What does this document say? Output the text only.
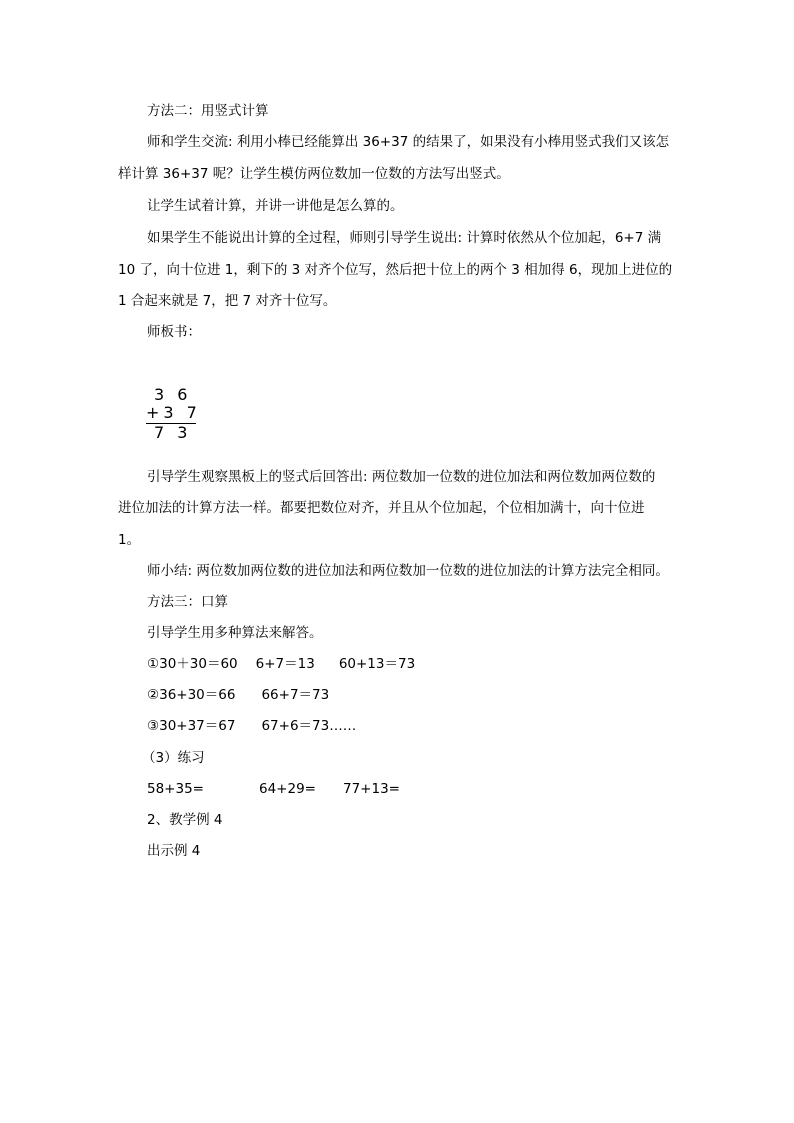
方法二：用竖式计算
师和学生交流: 利用小棒已经能算出 36+37 的结果了，如果没有小棒用竖式我们又该怎
样计算 36+37 呢？让学生模仿两位数加一位数的方法写出竖式。
让学生试着计算，并讲一讲他是怎么算的。
如果学生不能说出计算的全过程，师则引导学生说出: 计算时依然从个位加起，6+7 满
10 了，向十位进 1，剩下的 3 对齐个位写，然后把十位上的两个 3 相加得 6，现加上进位的
1 合起来就是 7，把 7 对齐十位写。
师板书：
3 6
+3 7
7 3
引导学生观察黑板上的竖式后回答出: 两位数加一位数的进位加法和两位数加两位数的
进位加法的计算方法一样。都要把数位对齐，并且从个位加起，个位相加满十，向十位进
1。
师小结: 两位数加两位数的进位加法和两位数加一位数的进位加法的计算方法完全相同。
方法三：口算
引导学生用多种算法来解答。
①30＋30＝60 6+7＝13 60+13＝73
②36+30＝66 66+7＝73
③30+37＝67 67+6＝73……
（3）练习
58+35=	64+29= 77+13=
2、教学例 4
出示例 4
